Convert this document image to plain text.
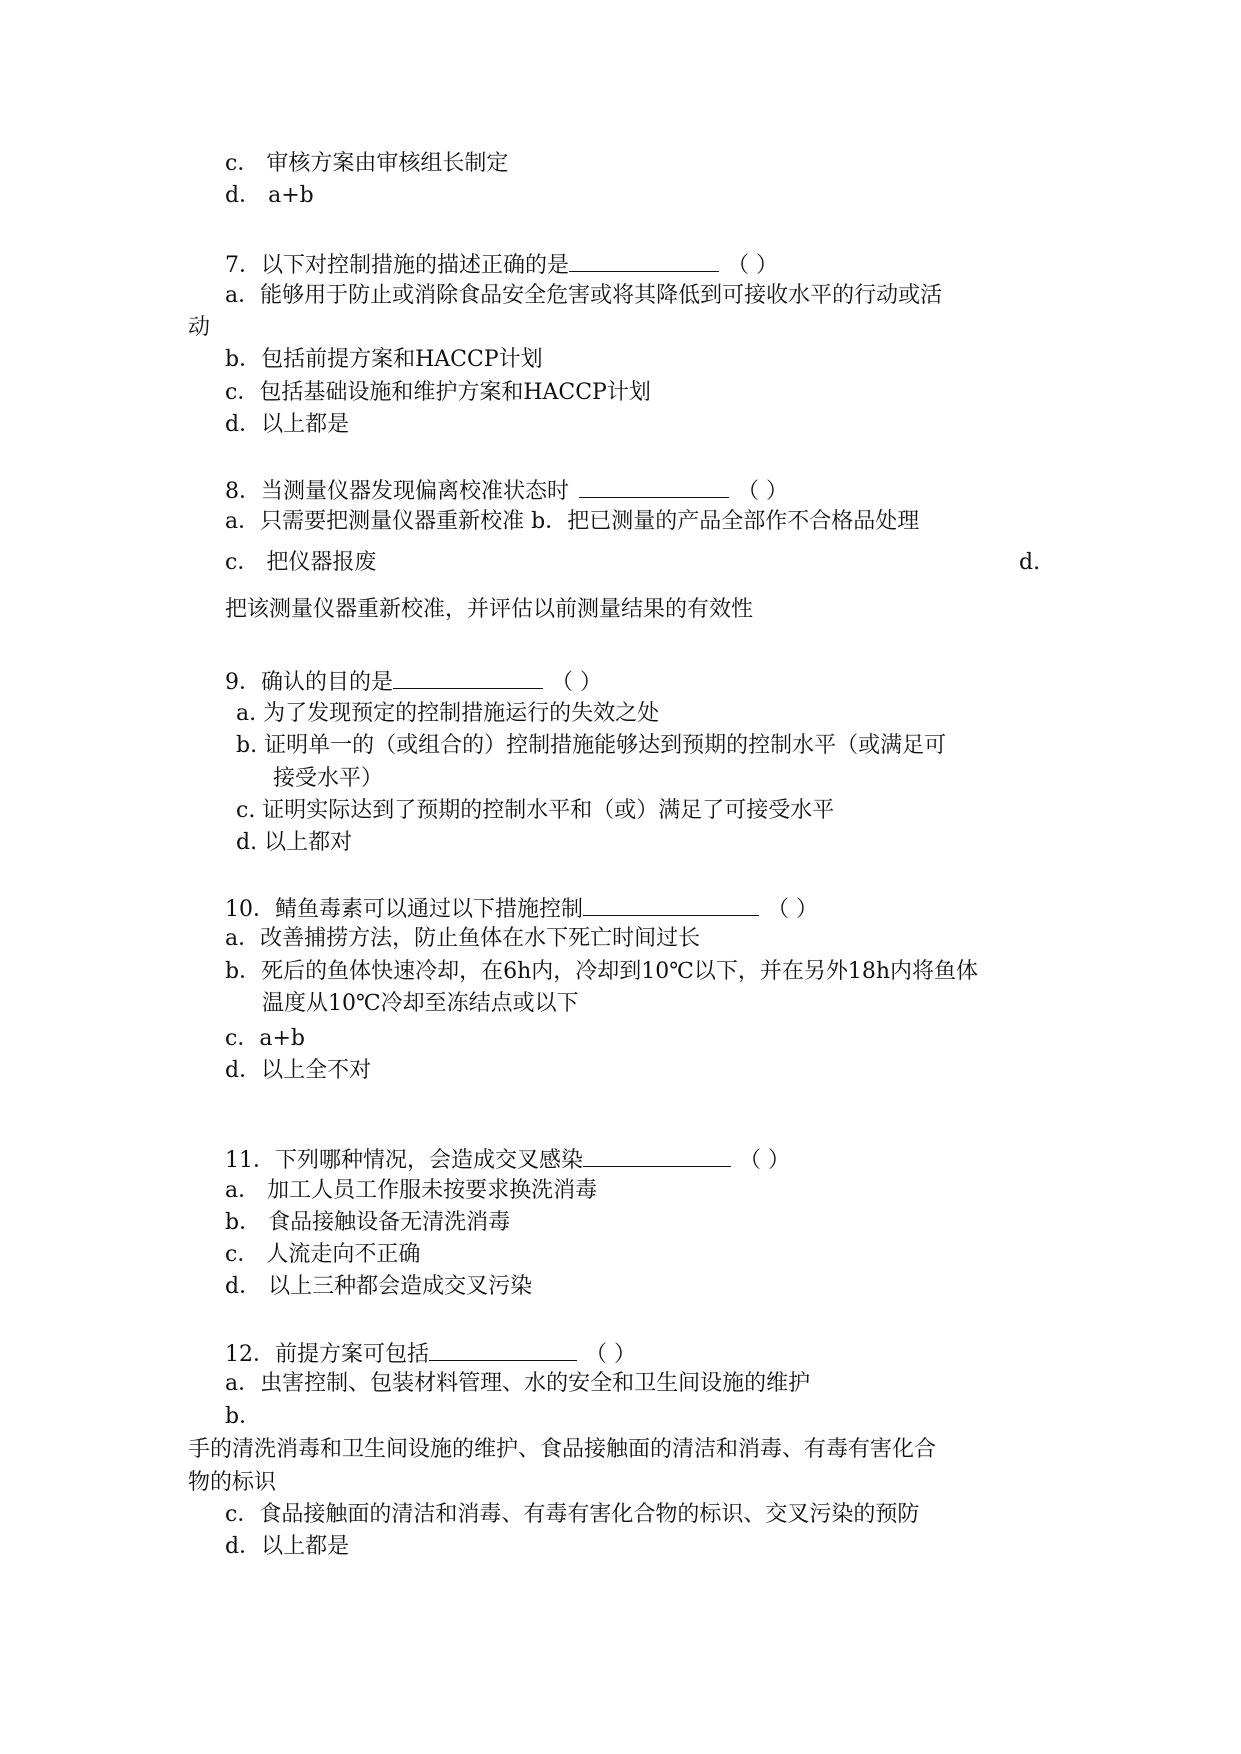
c． 审核方案由审核组长制定
d． a+b
7．以下对控制措施的描述正确的是	（ ）
a．能够用于防止或消除食品安全危害或将其降低到可接收水平的行动或活
动
b．包括前提方案和HACCP计划
c．包括基础设施和维护方案和HACCP计划
d．以上都是
8．当测量仪器发现偏离校准状态时	（ ）
a．只需要把测量仪器重新校准 b．把已测量的产品全部作不合格品处理
c． 把仪器报废	d.
把该测量仪器重新校准，并评估以前测量结果的有效性
9．确认的目的是	（ ）
a. 为了发现预定的控制措施运行的失效之处
b. 证明单一的（或组合的）控制措施能够达到预期的控制水平（或满足可
接受水平）
c. 证明实际达到了预期的控制水平和（或）满足了可接受水平
d. 以上都对
10．鲭鱼毒素可以通过以下措施控制	（ ）
a．改善捕捞方法，防止鱼体在水下死亡时间过长
b．死后的鱼体快速冷却，在6h内，冷却到10℃以下，并在另外18h内将鱼体
温度从10℃冷却至冻结点或以下
c．a+b
d．以上全不对
11．下列哪种情况，会造成交叉感染	（ ）
a． 加工人员工作服未按要求换洗消毒
b． 食品接触设备无清洗消毒
c． 人流走向不正确
d． 以上三种都会造成交叉污染
12．前提方案可包括	（ ）
a．虫害控制、包装材料管理、水的安全和卫生间设施的维护
b．
手的清洗消毒和卫生间设施的维护、食品接触面的清洁和消毒、有毒有害化合
物的标识
c．食品接触面的清洁和消毒、有毒有害化合物的标识、交叉污染的预防
d．以上都是
